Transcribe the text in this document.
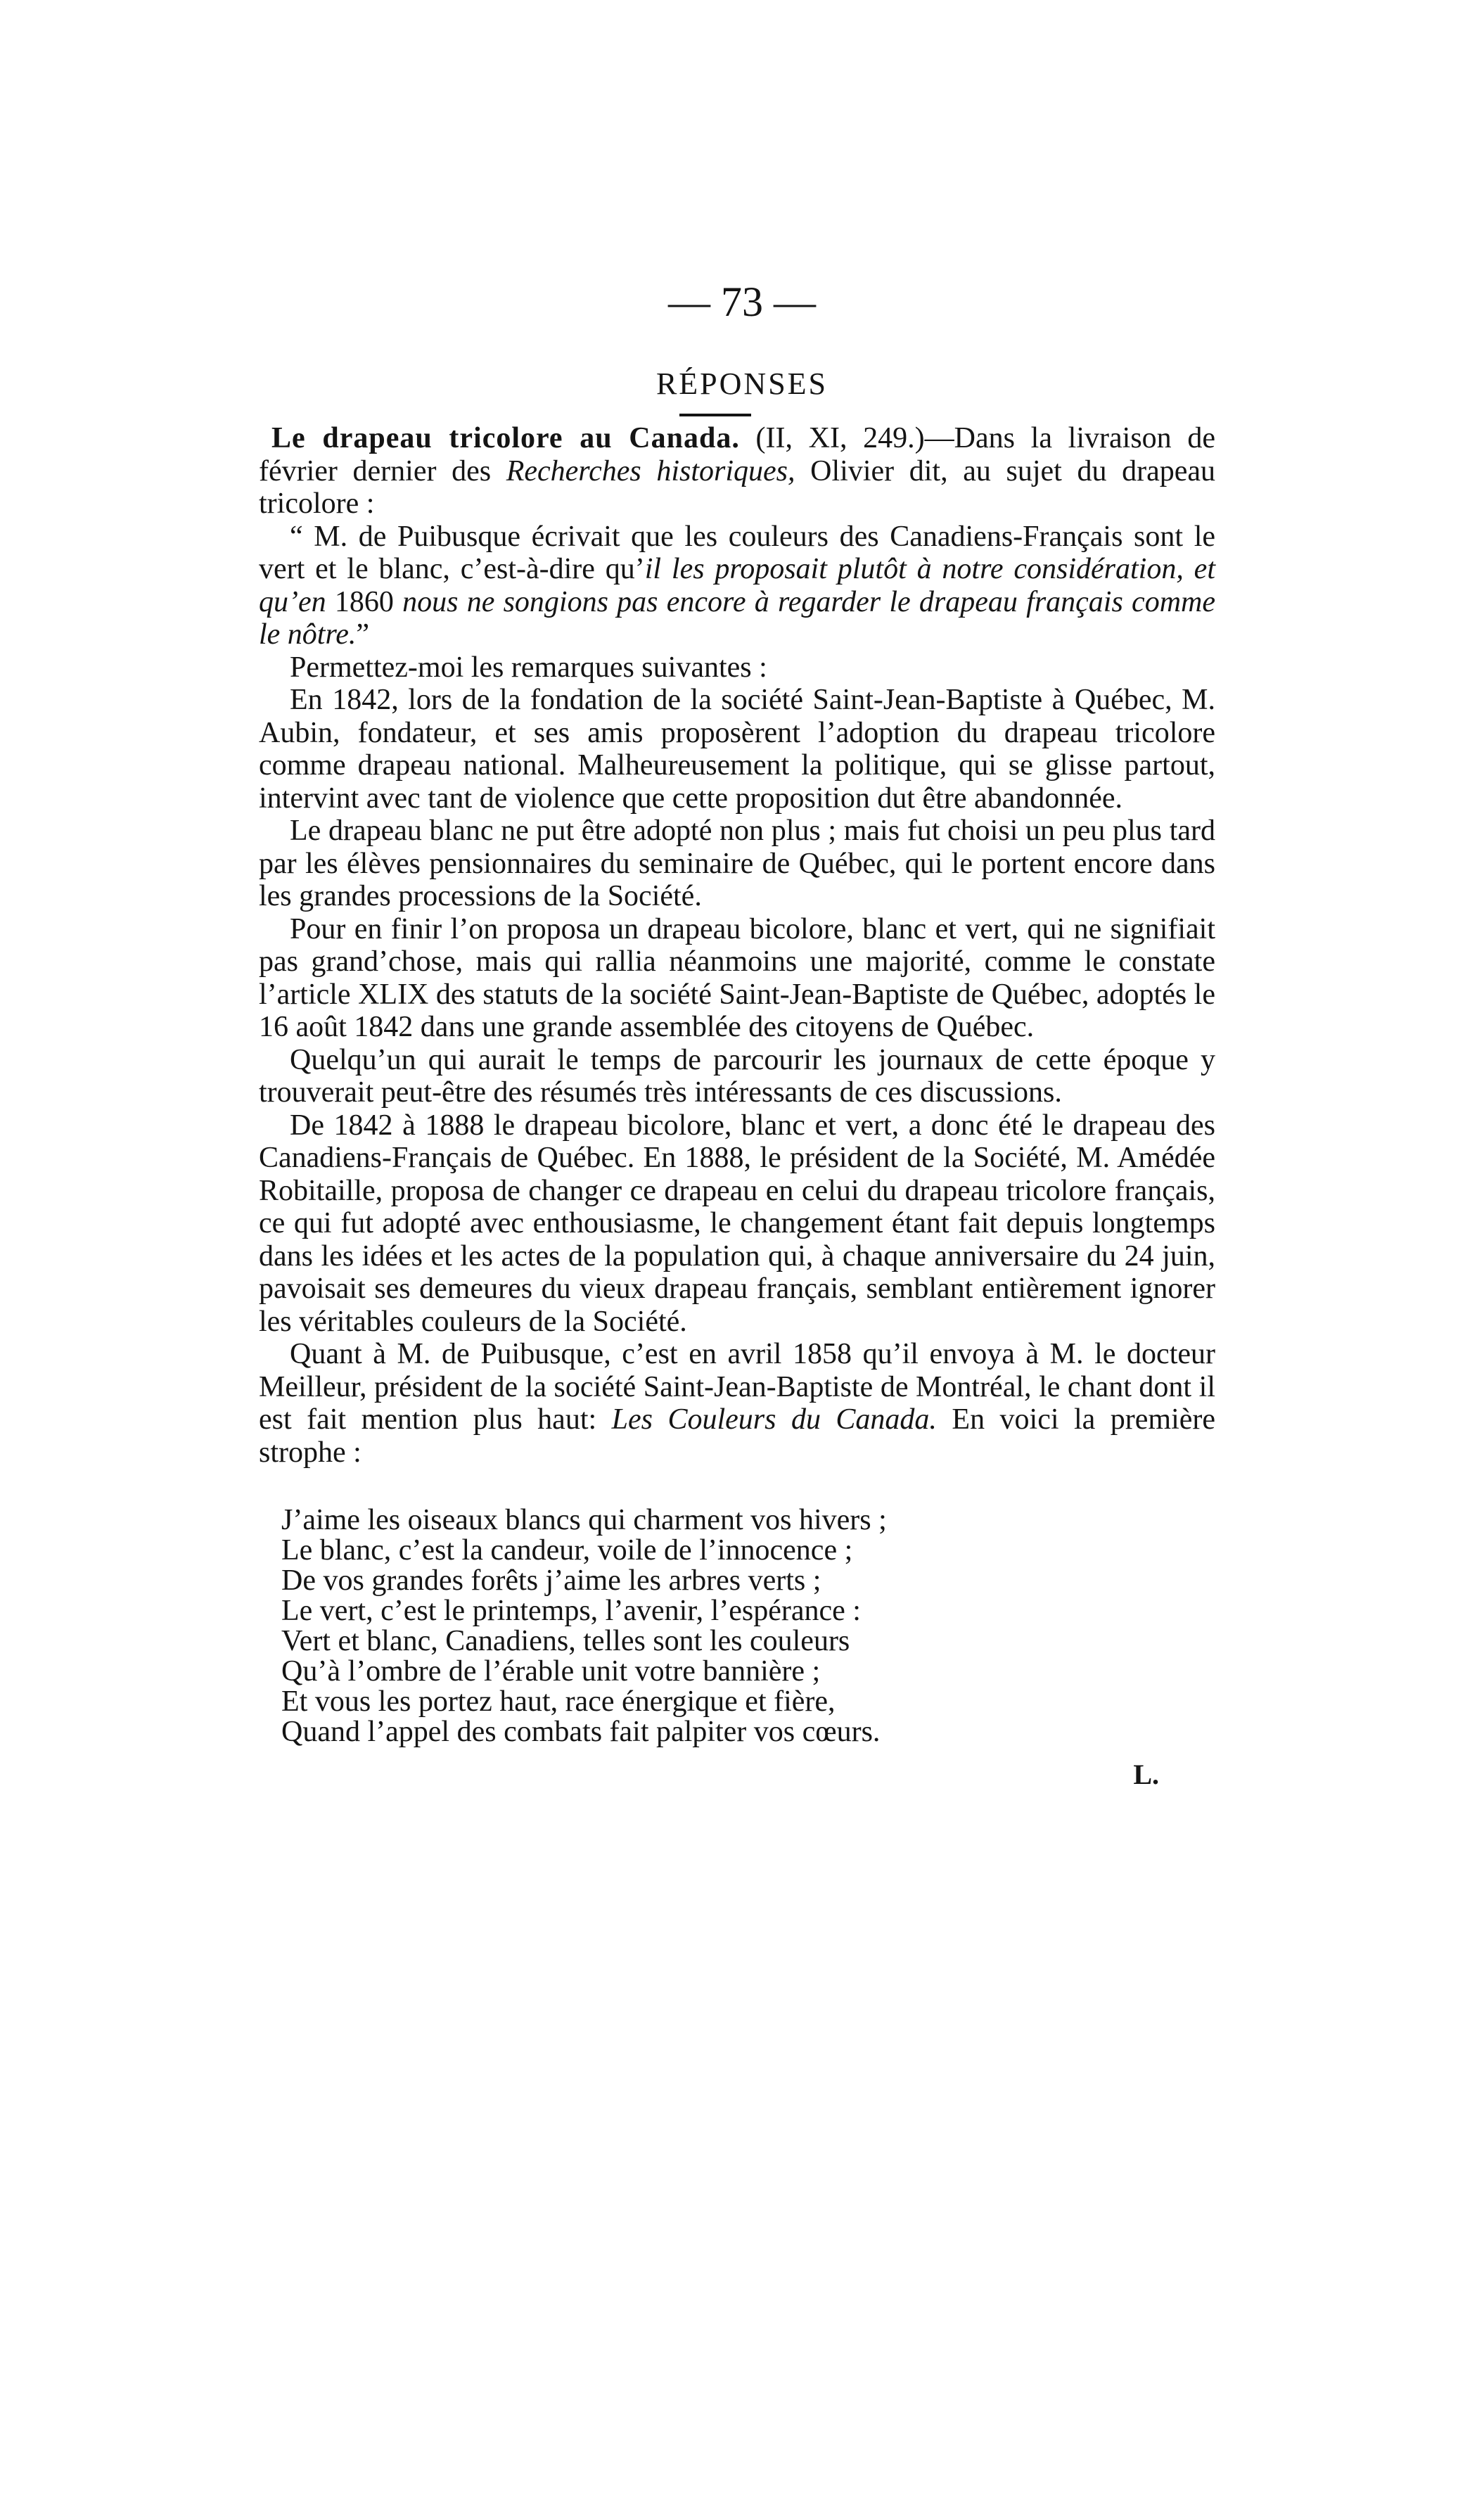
— 73 —
RÉPONSES

Le drapeau tricolore au Canada. (II, XI, 249.)—Dans la livraison de février dernier des Recherches historiques, Olivier dit, au sujet du drapeau tricolore :

“ M. de Puibusque écrivait que les couleurs des Canadiens-Français sont le vert et le blanc, c’est-à-dire qu’il les proposait plutôt à notre considération, et qu’en 1860 nous ne songions pas encore à regarder le drapeau français comme le nôtre.”

Permettez-moi les remarques suivantes :

En 1842, lors de la fondation de la société Saint-Jean-Baptiste à Québec, M. Aubin, fondateur, et ses amis proposèrent l’adoption du drapeau tricolore comme drapeau national. Malheureusement la politique, qui se glisse partout, intervint avec tant de violence que cette proposition dut être abandonnée.

Le drapeau blanc ne put être adopté non plus ; mais fut choisi un peu plus tard par les élèves pensionnaires du seminaire de Québec, qui le portent encore dans les grandes processions de la Société.

Pour en finir l’on proposa un drapeau bicolore, blanc et vert, qui ne signifiait pas grand’chose, mais qui rallia néanmoins une majorité, comme le constate l’article XLIX des statuts de la société Saint-Jean-Baptiste de Québec, adoptés le 16 août 1842 dans une grande assemblée des citoyens de Québec.

Quelqu’un qui aurait le temps de parcourir les journaux de cette époque y trouverait peut-être des résumés très intéressants de ces discussions.

De 1842 à 1888 le drapeau bicolore, blanc et vert, a donc été le drapeau des Canadiens-Français de Québec. En 1888, le président de la Société, M. Amédée Robitaille, proposa de changer ce drapeau en celui du drapeau tricolore français, ce qui fut adopté avec enthousiasme, le changement étant fait depuis longtemps dans les idées et les actes de la population qui, à chaque anniversaire du 24 juin, pavoisait ses demeures du vieux drapeau français, semblant entièrement ignorer les véritables couleurs de la Société.

Quant à M. de Puibusque, c’est en avril 1858 qu’il envoya à M. le docteur Meilleur, président de la société Saint-Jean-Baptiste de Montréal, le chant dont il est fait mention plus haut: Les Couleurs du Canada. En voici la première strophe :

J’aime les oiseaux blancs qui charment vos hivers ;
Le blanc, c’est la candeur, voile de l’innocence ;
De vos grandes forêts j’aime les arbres verts ;
Le vert, c’est le printemps, l’avenir, l’espérance :
Vert et blanc, Canadiens, telles sont les couleurs
Qu’à l’ombre de l’érable unit votre bannière ;
Et vous les portez haut, race énergique et fière,
Quand l’appel des combats fait palpiter vos cœurs.
L.
